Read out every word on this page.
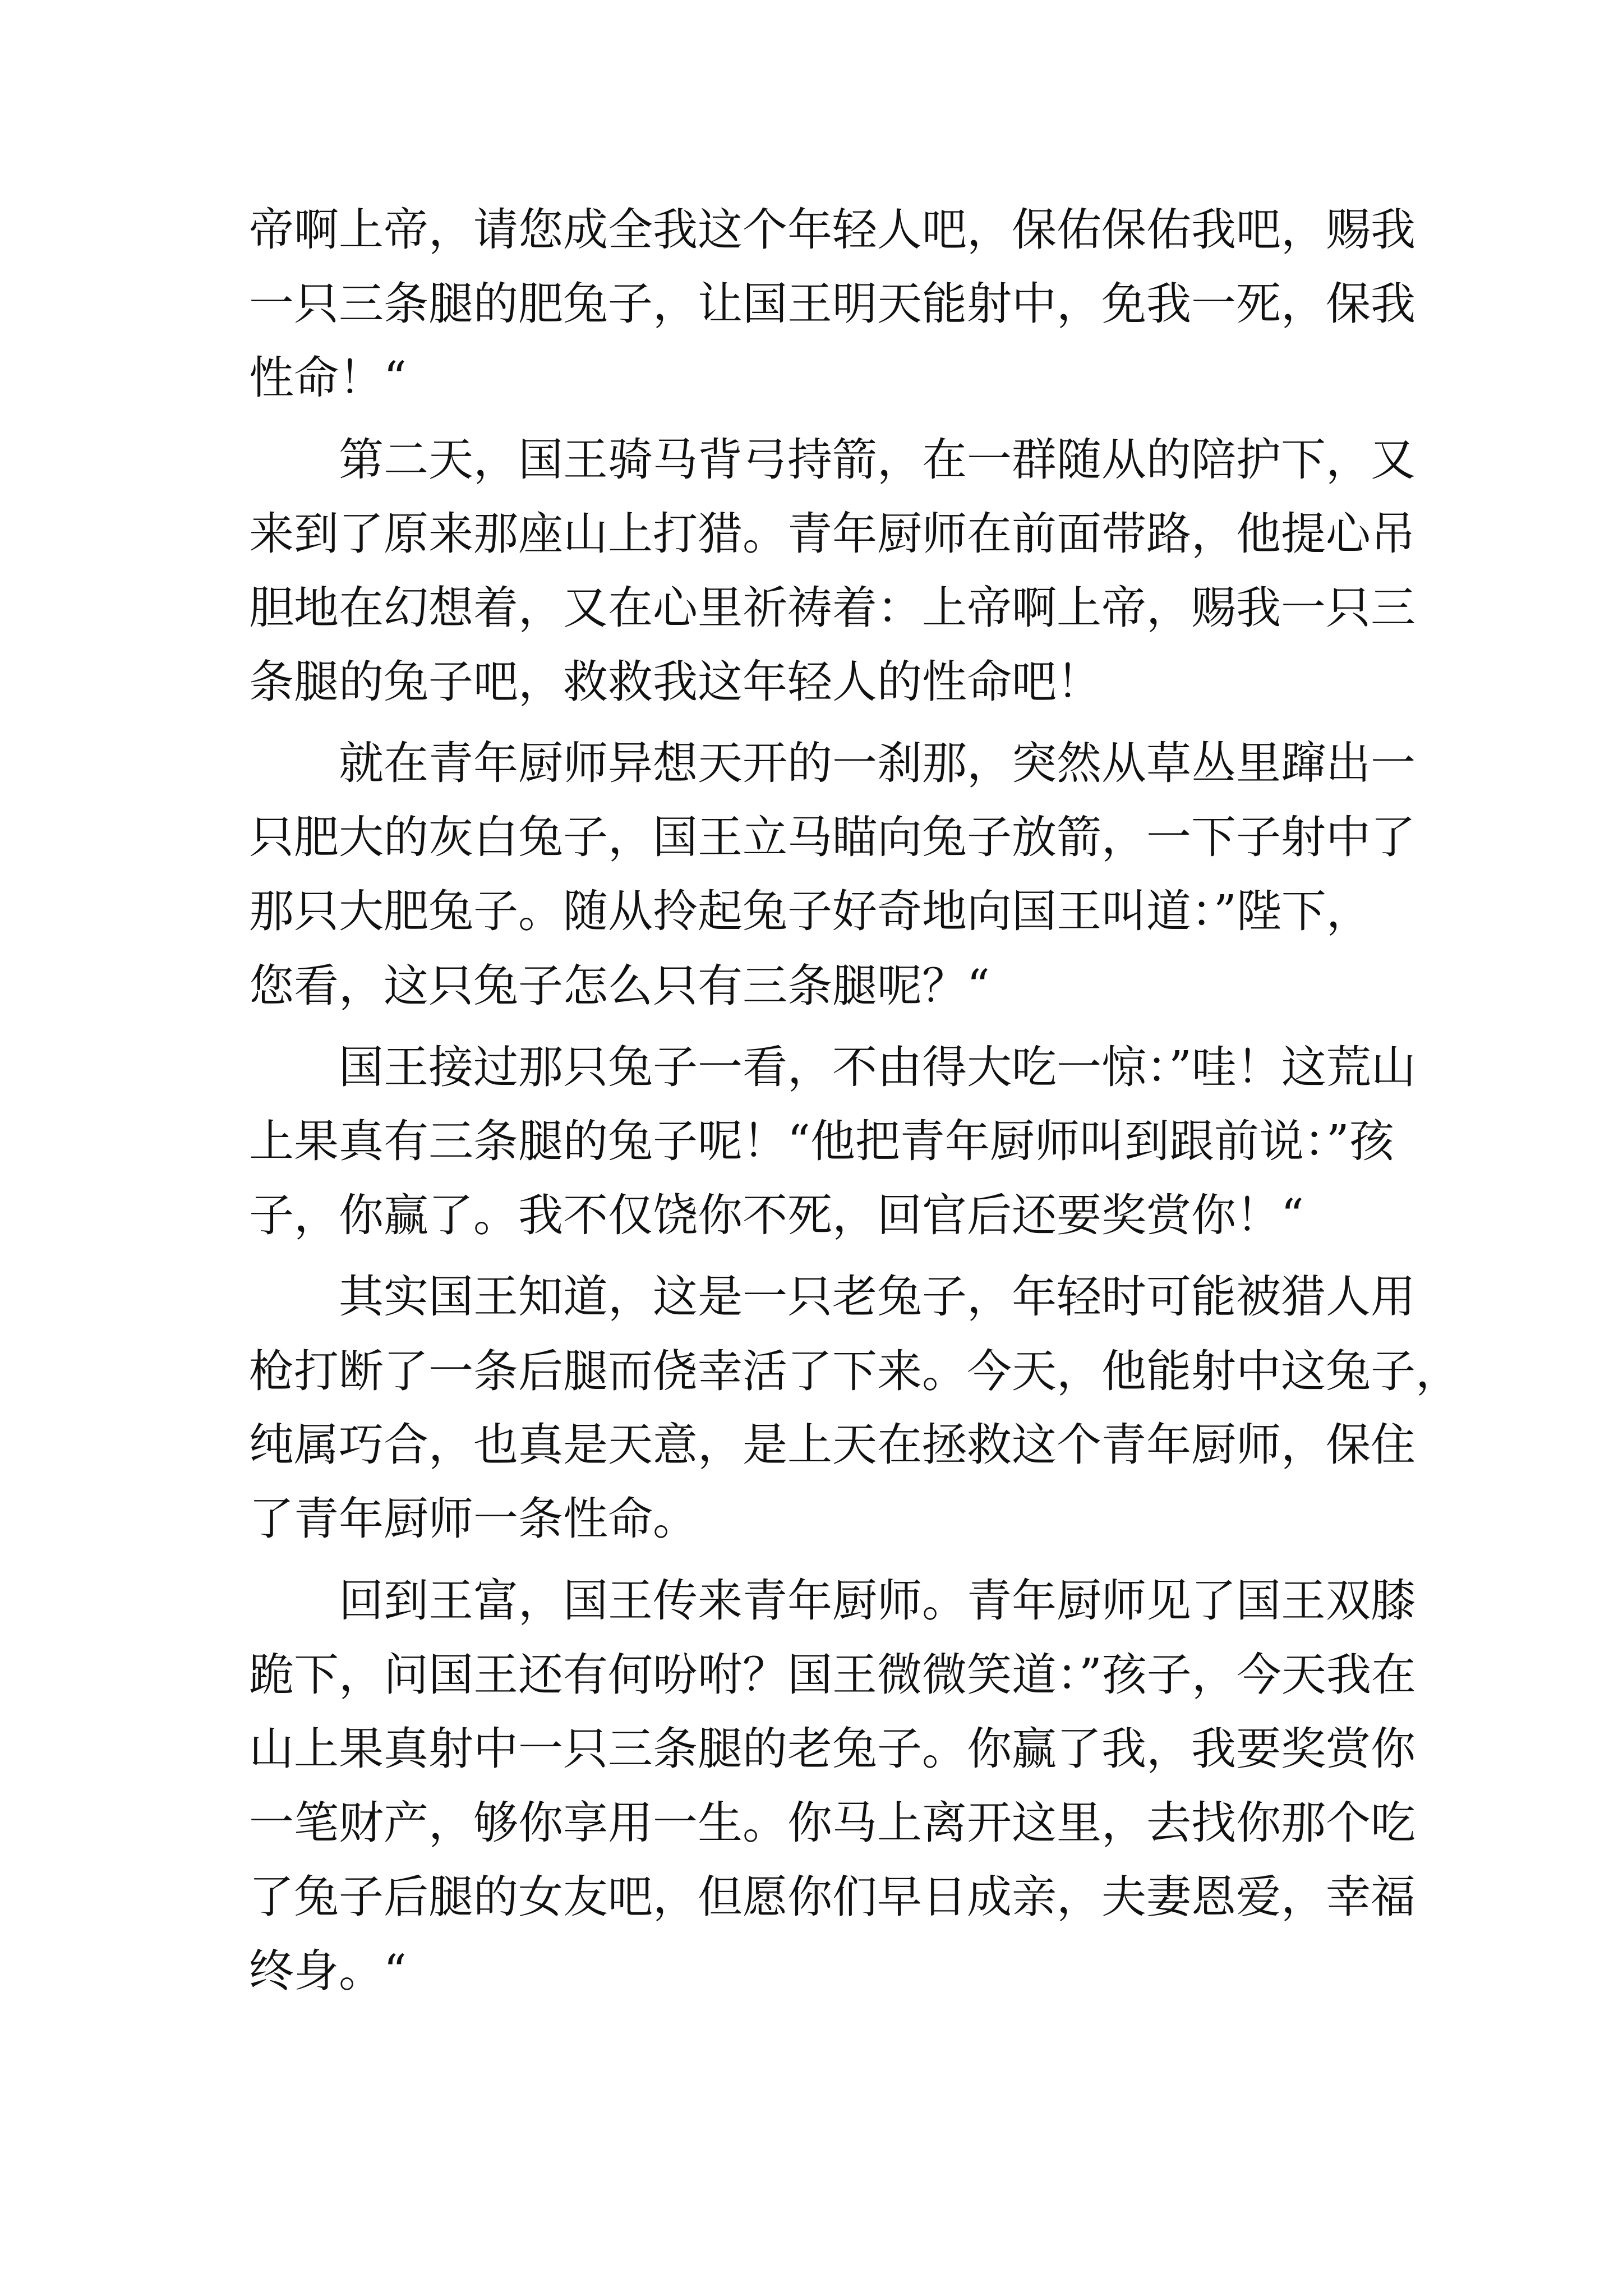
帝啊上帝，请您成全我这个年轻人吧，保佑保佑我吧，赐我
一只三条腿的肥兔子，让国王明天能射中，免我一死，保我
性命！“
　　第二天，国王骑马背弓持箭，在一群随从的陪护下，又
来到了原来那座山上打猎。青年厨师在前面带路，他提心吊
胆地在幻想着，又在心里祈祷着：上帝啊上帝，赐我一只三
条腿的兔子吧，救救我这年轻人的性命吧！
　　就在青年厨师异想天开的一刹那，突然从草丛里蹿出一
只肥大的灰白兔子，国王立马瞄向兔子放箭，一下子射中了
那只大肥兔子。随从拎起兔子好奇地向国王叫道：”陛下，
您看，这只兔子怎么只有三条腿呢？“
　　国王接过那只兔子一看，不由得大吃一惊：”哇！这荒山
上果真有三条腿的兔子呢！“他把青年厨师叫到跟前说：”孩
子，你赢了。我不仅饶你不死，回官后还要奖赏你！“
　　其实国王知道，这是一只老兔子，年轻时可能被猎人用
枪打断了一条后腿而侥幸活了下来。今天，他能射中这兔子，
纯属巧合，也真是天意，是上天在拯救这个青年厨师，保住
了青年厨师一条性命。
　　回到王富，国王传来青年厨师。青年厨师见了国王双膝
跪下，问国王还有何吩咐？国王微微笑道：”孩子，今天我在
山上果真射中一只三条腿的老兔子。你赢了我，我要奖赏你
一笔财产，够你享用一生。你马上离开这里，去找你那个吃
了兔子后腿的女友吧，但愿你们早日成亲，夫妻恩爱，幸福
终身。“
